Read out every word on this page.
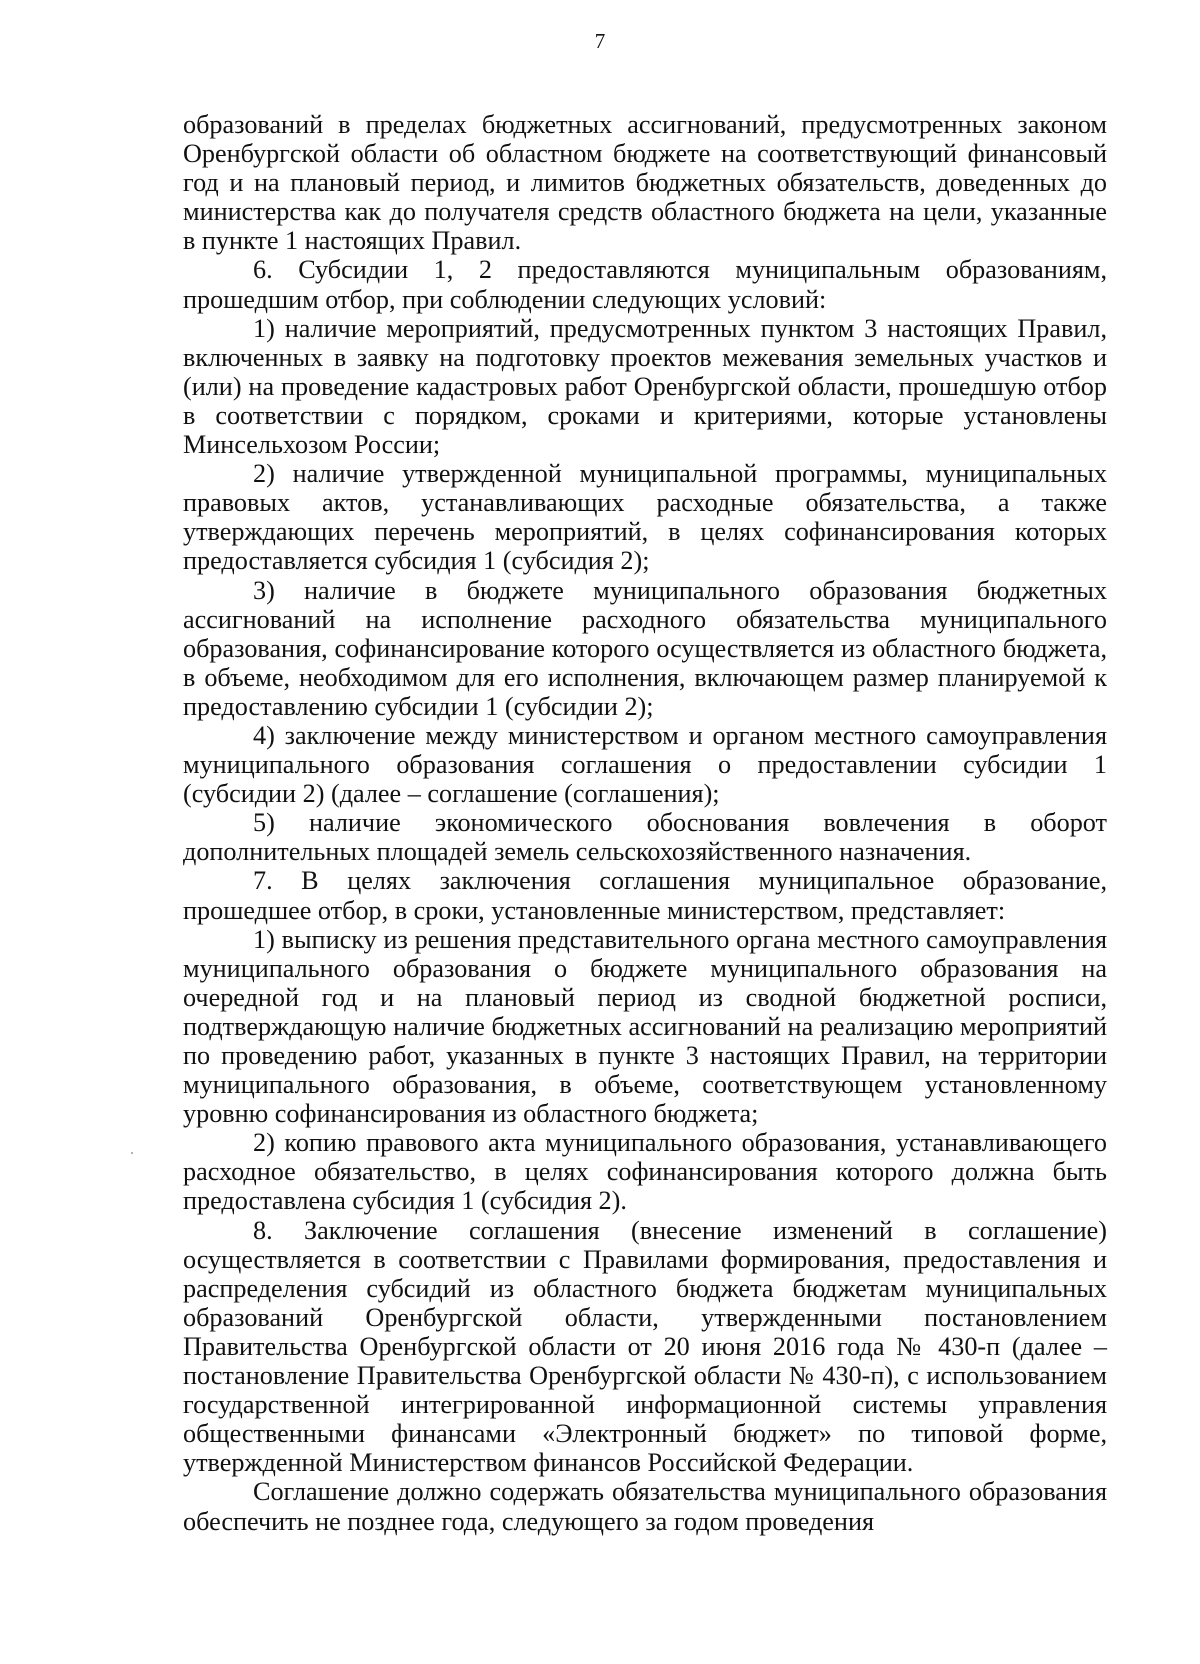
7

образований в пределах бюджетных ассигнований, предусмотренных законом Оренбургской области об областном бюджете на соответствующий финансовый год и на плановый период, и лимитов бюджетных обязательств, доведенных до министерства как до получателя средств областного бюджета на цели, указанные в пункте 1 настоящих Правил.

6. Субсидии 1, 2 предоставляются муниципальным образованиям, прошедшим отбор, при соблюдении следующих условий:

1) наличие мероприятий, предусмотренных пунктом 3 настоящих Правил, включенных в заявку на подготовку проектов межевания земельных участков и (или) на проведение кадастровых работ Оренбургской области, прошедшую отбор в соответствии с порядком, сроками и критериями, которые установлены Минсельхозом России;

2) наличие утвержденной муниципальной программы, муниципальных правовых актов, устанавливающих расходные обязательства, а также утверждающих перечень мероприятий, в целях софинансирования которых предоставляется субсидия 1 (субсидия 2);

3) наличие в бюджете муниципального образования бюджетных ассигнований на исполнение расходного обязательства муниципального образования, софинансирование которого осуществляется из областного бюджета, в объеме, необходимом для его исполнения, включающем размер планируемой к предоставлению субсидии 1 (субсидии 2);

4) заключение между министерством и органом местного самоуправления муниципального образования соглашения о предоставлении субсидии 1 (субсидии 2) (далее – соглашение (соглашения);

5) наличие экономического обоснования вовлечения в оборот дополнительных площадей земель сельскохозяйственного назначения.

7. В целях заключения соглашения муниципальное образование, прошедшее отбор, в сроки, установленные министерством, представляет:

1) выписку из решения представительного органа местного самоуправления муниципального образования о бюджете муниципального образования на очередной год и на плановый период из сводной бюджетной росписи, подтверждающую наличие бюджетных ассигнований на реализацию мероприятий по проведению работ, указанных в пункте 3 настоящих Правил, на территории муниципального образования, в объеме, соответствующем установленному уровню софинансирования из областного бюджета;

2) копию правового акта муниципального образования, устанавливающего расходное обязательство, в целях софинансирования которого должна быть предоставлена субсидия 1 (субсидия 2).

8. Заключение соглашения (внесение изменений в соглашение) осуществляется в соответствии с Правилами формирования, предоставления и распределения субсидий из областного бюджета бюджетам муниципальных образований Оренбургской области, утвержденными постановлением Правительства Оренбургской области от 20 июня 2016 года № 430-п (далее – постановление Правительства Оренбургской области № 430-п), с использованием государственной интегрированной информационной системы управления общественными финансами «Электронный бюджет» по типовой форме, утвержденной Министерством финансов Российской Федерации.

Соглашение должно содержать обязательства муниципального образования обеспечить не позднее года, следующего за годом проведения
